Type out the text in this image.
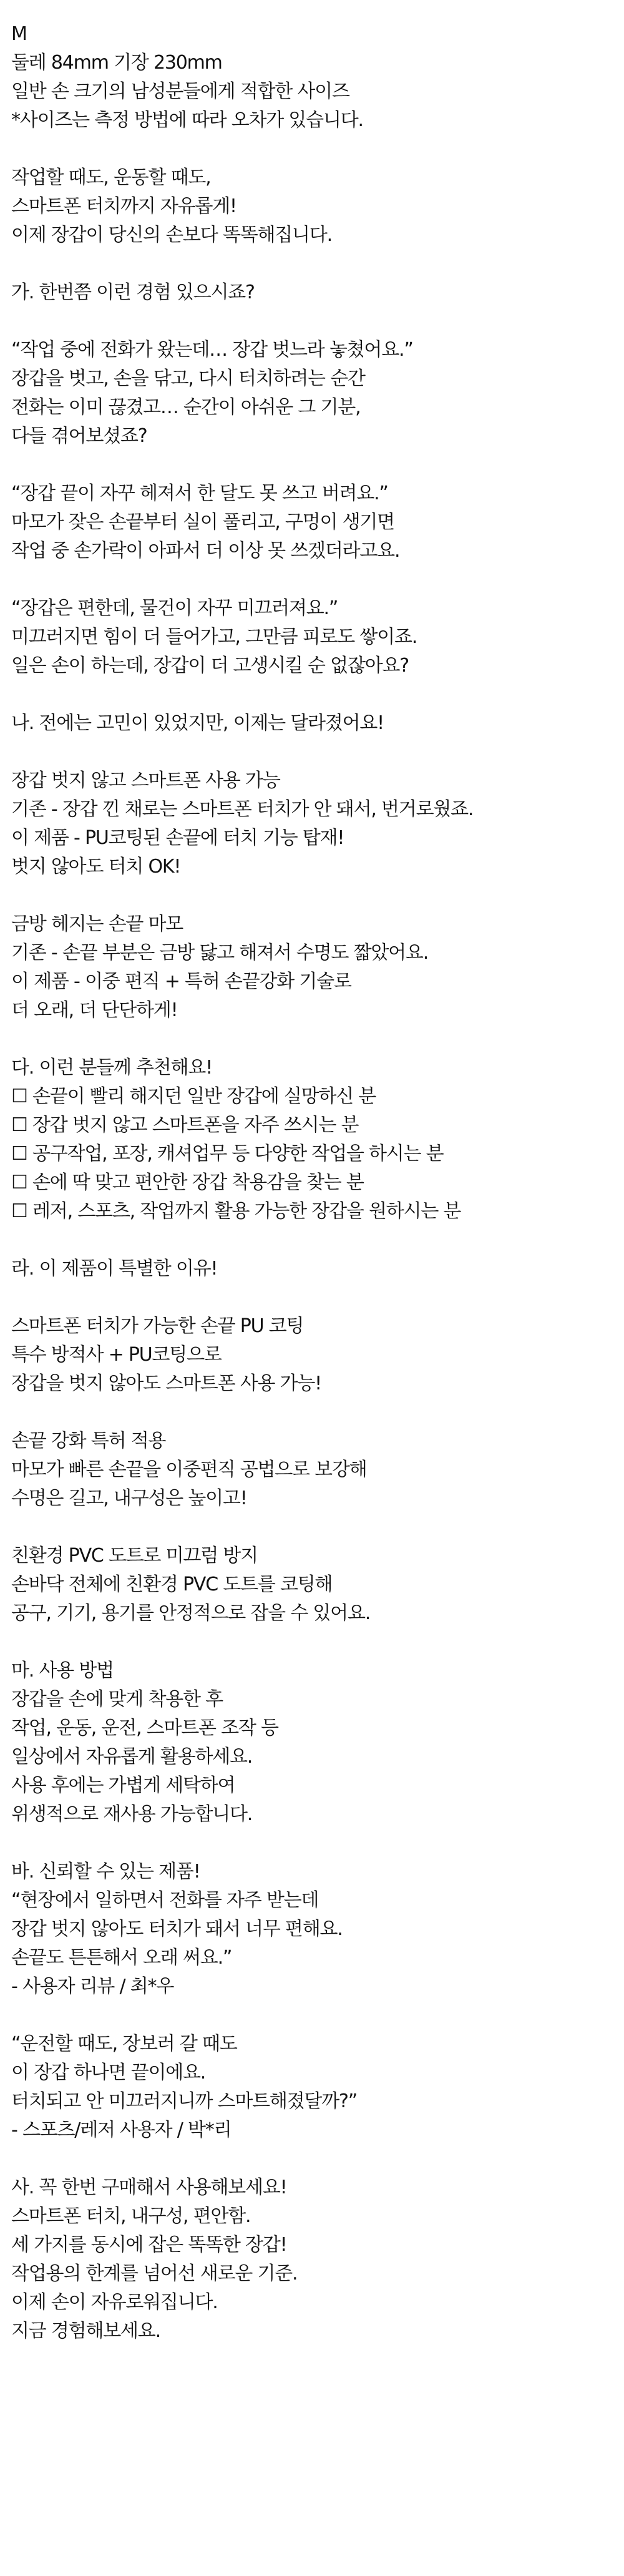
M
둘레 84mm 기장 230mm
일반 손 크기의 남성분들에게 적합한 사이즈
*사이즈는 측정 방법에 따라 오차가 있습니다.
작업할 때도, 운동할 때도,
스마트폰 터치까지 자유롭게!
이제 장갑이 당신의 손보다 똑똑해집니다.
가. 한번쯤 이런 경험 있으시죠?
“작업 중에 전화가 왔는데… 장갑 벗느라 놓쳤어요.”
장갑을 벗고, 손을 닦고, 다시 터치하려는 순간
전화는 이미 끊겼고… 순간이 아쉬운 그 기분,
다들 겪어보셨죠?
“장갑 끝이 자꾸 헤져서 한 달도 못 쓰고 버려요.”
마모가 잦은 손끝부터 실이 풀리고, 구멍이 생기면
작업 중 손가락이 아파서 더 이상 못 쓰겠더라고요.
“장갑은 편한데, 물건이 자꾸 미끄러져요.”
미끄러지면 힘이 더 들어가고, 그만큼 피로도 쌓이죠.
일은 손이 하는데, 장갑이 더 고생시킬 순 없잖아요?
나. 전에는 고민이 있었지만, 이제는 달라졌어요!
장갑 벗지 않고 스마트폰 사용 가능
기존 - 장갑 낀 채로는 스마트폰 터치가 안 돼서, 번거로웠죠.
이 제품 - PU코팅된 손끝에 터치 기능 탑재!
벗지 않아도 터치 OK!
금방 헤지는 손끝 마모
기존 - 손끝 부분은 금방 닳고 해져서 수명도 짧았어요.
이 제품 - 이중 편직 + 특허 손끝강화 기술로
더 오래, 더 단단하게!
다. 이런 분들께 추천해요!
☐ 손끝이 빨리 해지던 일반 장갑에 실망하신 분
☐ 장갑 벗지 않고 스마트폰을 자주 쓰시는 분
☐ 공구작업, 포장, 캐셔업무 등 다양한 작업을 하시는 분
☐ 손에 딱 맞고 편안한 장갑 착용감을 찾는 분
☐ 레저, 스포츠, 작업까지 활용 가능한 장갑을 원하시는 분
라. 이 제품이 특별한 이유!
스마트폰 터치가 가능한 손끝 PU 코팅
특수 방적사 + PU코팅으로
장갑을 벗지 않아도 스마트폰 사용 가능!
손끝 강화 특허 적용
마모가 빠른 손끝을 이중편직 공법으로 보강해
수명은 길고, 내구성은 높이고!
친환경 PVC 도트로 미끄럼 방지
손바닥 전체에 친환경 PVC 도트를 코팅해
공구, 기기, 용기를 안정적으로 잡을 수 있어요.
마. 사용 방법
장갑을 손에 맞게 착용한 후
작업, 운동, 운전, 스마트폰 조작 등
일상에서 자유롭게 활용하세요.
사용 후에는 가볍게 세탁하여
위생적으로 재사용 가능합니다.
바. 신뢰할 수 있는 제품!
“현장에서 일하면서 전화를 자주 받는데
장갑 벗지 않아도 터치가 돼서 너무 편해요.
손끝도 튼튼해서 오래 써요.”
- 사용자 리뷰 / 최*우
“운전할 때도, 장보러 갈 때도
이 장갑 하나면 끝이에요.
터치되고 안 미끄러지니까 스마트해졌달까?”
- 스포츠/레저 사용자 / 박*리
사. 꼭 한번 구매해서 사용해보세요!
스마트폰 터치, 내구성, 편안함.
세 가지를 동시에 잡은 똑똑한 장갑!
작업용의 한계를 넘어선 새로운 기준.
이제 손이 자유로워집니다.
지금 경험해보세요.
